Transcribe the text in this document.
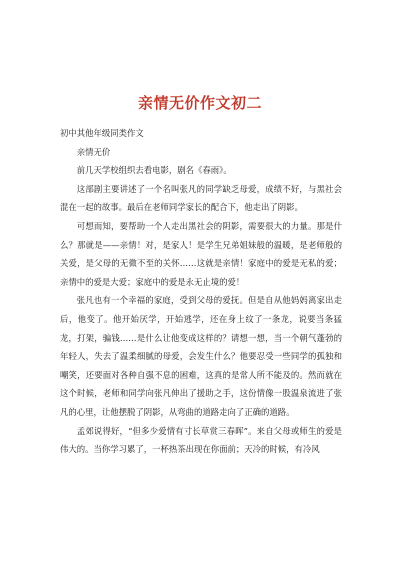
亲情无价作文初二

初中其他年级同类作文

亲情无价

前几天学校组织去看电影，剧名《春雨》。

这部剧主要讲述了一个名叫张凡的同学缺乏母爱，成绩不好，与黑社会混在一起的故事。最后在老师同学家长的配合下，他走出了阴影。

可想而知，要帮助一个人走出黑社会的阴影，需要很大的力量。那是什么？那就是——亲情！对，是家人！是学生兄弟姐妹般的温暖，是老师般的关爱，是父母的无微不至的关怀……这就是亲情！家庭中的爱是无私的爱；亲情中的爱是大爱；家庭中的爱是永无止境的爱！

张凡也有一个幸福的家庭，受到父母的爱抚。但是自从他妈妈离家出走后，他变了。他开始厌学，开始逃学，还在身上纹了一条龙，说要当条猛龙，打架，骗钱……是什么让他变成这样的？请想一想，当一个朝气蓬勃的年轻人，失去了温柔细腻的母爱，会发生什么？他要忍受一些同学的孤独和嘲笑，还要面对各种自强不息的困难，这真的是常人所不能及的。然而就在这个时候，老师和同学向张凡伸出了援助之手，这份情像一股温泉流进了张凡的心里，让他摆脱了阴影，从弯曲的道路走向了正确的道路。

孟郊说得好，“但多少爱情有寸长草赏三春晖”。来自父母或师生的爱是伟大的。当你学习累了，一杯热茶出现在你面前；天冷的时候，有冷风
